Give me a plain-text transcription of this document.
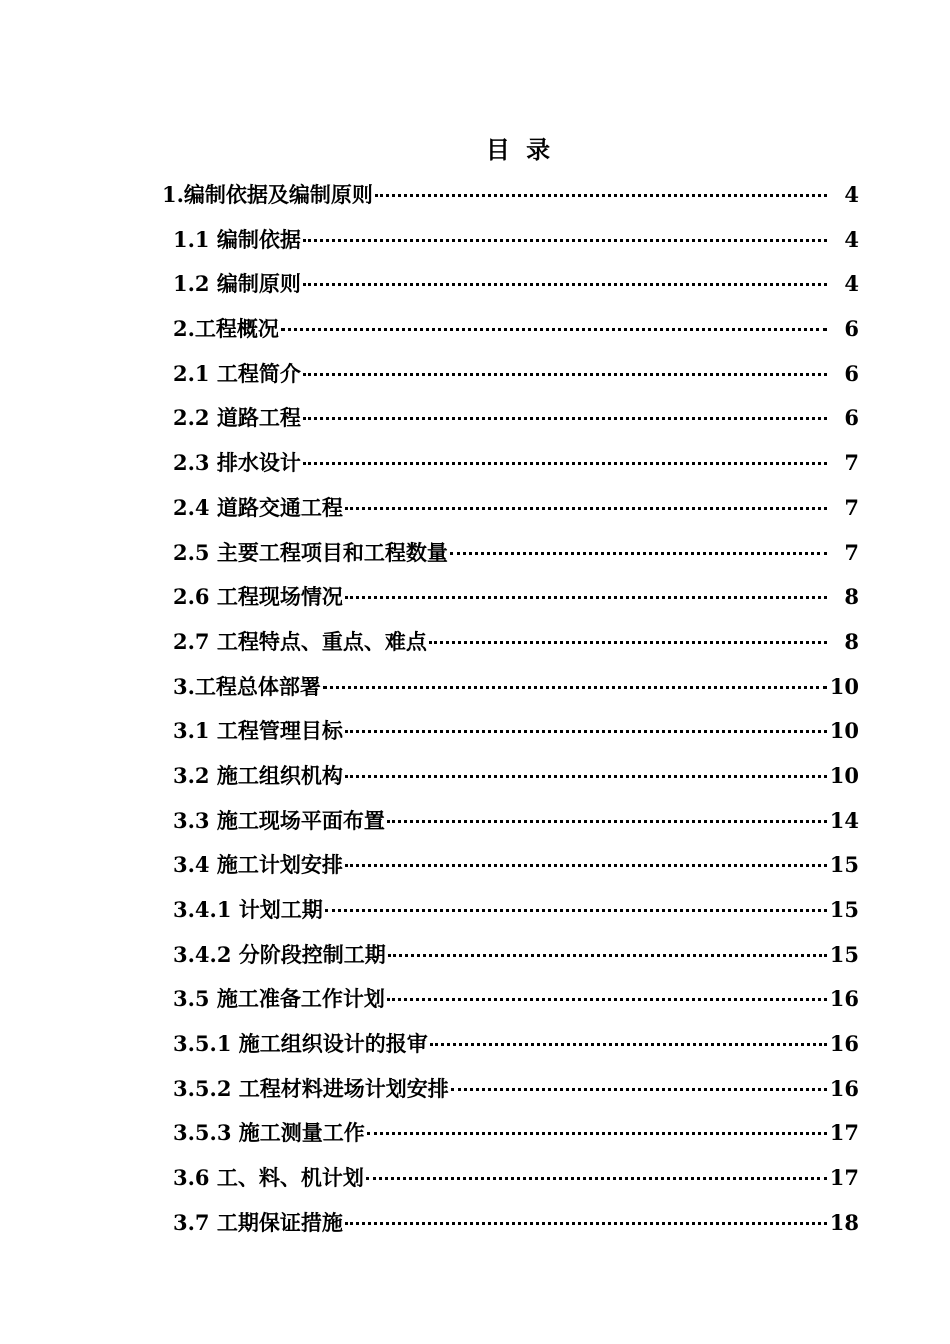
目 录
1.编制依据及编制原则	4
1.1 编制依据	4
1.2 编制原则	4
2.工程概况	6
2.1 工程简介	6
2.2 道路工程	6
2.3 排水设计	7
2.4 道路交通工程	7
2.5 主要工程项目和工程数量	7
2.6 工程现场情况	8
2.7 工程特点、重点、难点	8
3.工程总体部署	10
3.1 工程管理目标	10
3.2 施工组织机构	10
3.3 施工现场平面布置	14
3.4 施工计划安排	15
3.4.1 计划工期	15
3.4.2 分阶段控制工期	15
3.5 施工准备工作计划	16
3.5.1 施工组织设计的报审	16
3.5.2 工程材料进场计划安排	16
3.5.3 施工测量工作	17
3.6 工、料、机计划	17
3.7 工期保证措施	18
